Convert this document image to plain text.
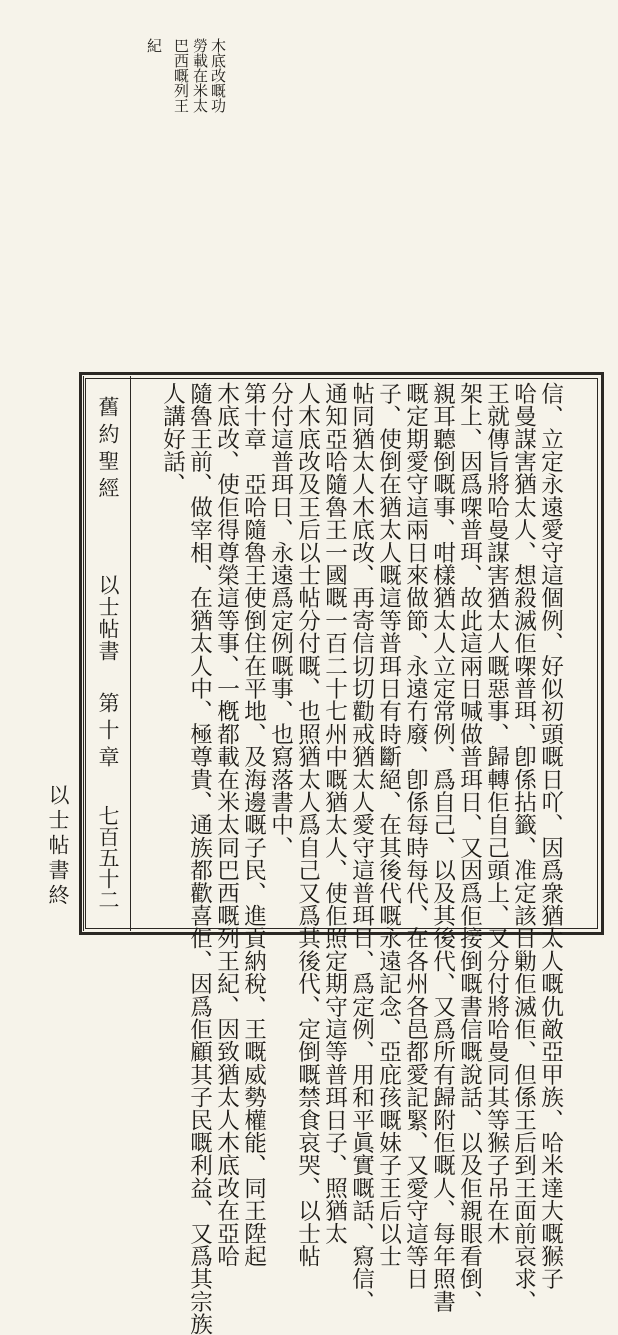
木底改嘅功
勞載在米太
巴西嘅列王
紀
信、立定永遠愛守這個例、好似初頭嘅日吖、因爲衆猶太人嘅仇敵亞甲族、哈米達大嘅𤠣子
哈曼謀害猶太人、想殺滅佢㗎普珥、卽係拈籤、准定該日勦佢滅佢、但係王后到王面前哀求、
王就傳旨將哈曼謀害猶太人嘅惡事、歸轉佢自己頭上、又分付將哈曼同其等𤠣子吊在木
架上、因爲㗎普珥、故此這兩日喊做普珥日、又因爲佢接倒嘅書信嘅說話、以及佢親眼看倒、
親耳聽倒嘅事、咁樣猶太人立定常例、爲自己、以及其後代、又爲所有歸附佢嘅人、每年照書
嘅定期愛守這兩日來做節、永遠冇廢、卽係每時每代、在各州各邑都愛記緊、又愛守這等日
子、使倒在猶太人嘅這等普珥日有時斷絕、在其後代嘅永遠記念、亞庇孩嘅妹子王后以士
帖同猶太人木底改、再寄信切切勸戒猶太人愛守這普珥日、爲定例、用和平眞實嘅話、寫信、
通知亞哈隨魯王一國嘅一百二十七州中嘅猶太人、使佢照定期守這等普珥日子、照猶太
人木底改及王后以士帖分付嘅、也照猶太人爲自己又爲其後代、定倒嘅禁食哀哭、以士帖
分付這普珥日、永遠爲定例嘅事、也寫落書中、
第十章　亞哈隨魯王使倒住在平地、及海邊嘅子民、進貢納稅、王嘅威勢權能、同王陞起
木底改、使佢得尊榮這等事、一槪都載在米太同巴西嘅列王紀、因致猶太人木底改在亞哈
隨魯王前、做宰相、在猶太人中、極尊貴、通族都歡喜佢、因爲佢顧其子民嘅利益、又爲其宗族
人講好話、
舊約聖經
以士帖書
第十章
七百五十二
以士帖書終
